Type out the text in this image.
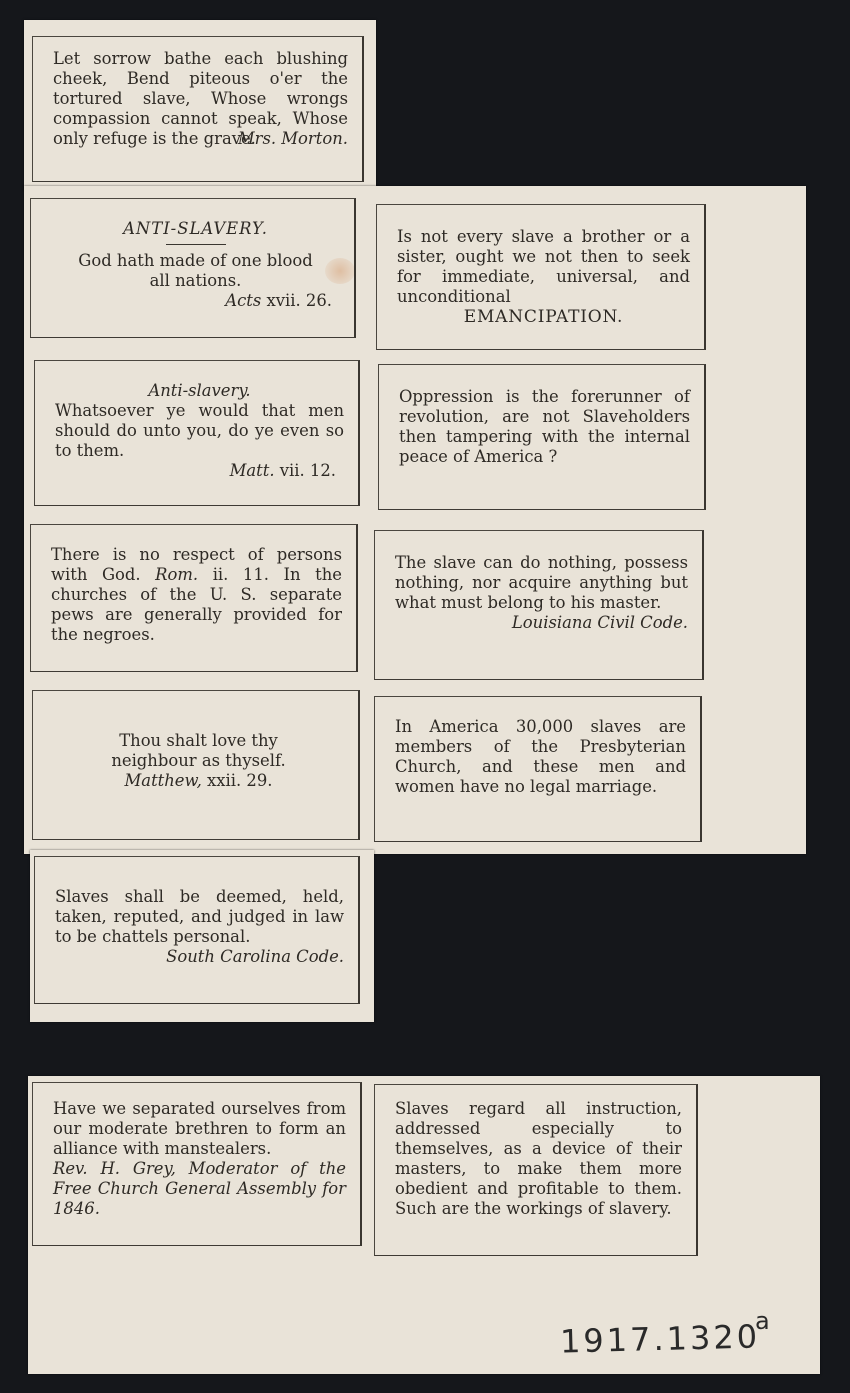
Let sorrow bathe each blushing cheek, Bend piteous o'er the tortured slave, Whose wrongs compassion cannot speak, Whose only refuge is the grave.

Mrs. Morton.

ANTI-SLAVERY.

God hath made of one blood all nations.

Acts xvii. 26.

Is not every slave a brother or a sister, ought we not then to seek for immediate, universal, and unconditional

EMANCIPATION.

Anti-slavery.

Whatsoever ye would that men should do unto you, do ye even so to them.

Matt. vii. 12.

Oppression is the forerunner of revolution, are not Slaveholders then tampering with the internal peace of America ?

There is no respect of persons with God. Rom. ii. 11. In the churches of the U. S. separate pews are generally provided for the negroes.

The slave can do nothing, possess nothing, nor acquire anything but what must belong to his master.

Louisiana Civil Code.

Thou shalt love thy neighbour as thyself.

Matthew, xxii. 29.

In America 30,000 slaves are members of the Presbyterian Church, and these men and women have no legal marriage.

Slaves shall be deemed, held, taken, reputed, and judged in law to be chattels personal.

South Carolina Code.

Have we separated ourselves from our moderate brethren to form an alliance with manstealers.

Rev. H. Grey, Moderator of the Free Church General Assembly for 1846.

Slaves regard all instruction, addressed especially to themselves, as a device of their masters, to make them more obedient and profitable to them. Such are the workings of slavery.

1917.1320
a
